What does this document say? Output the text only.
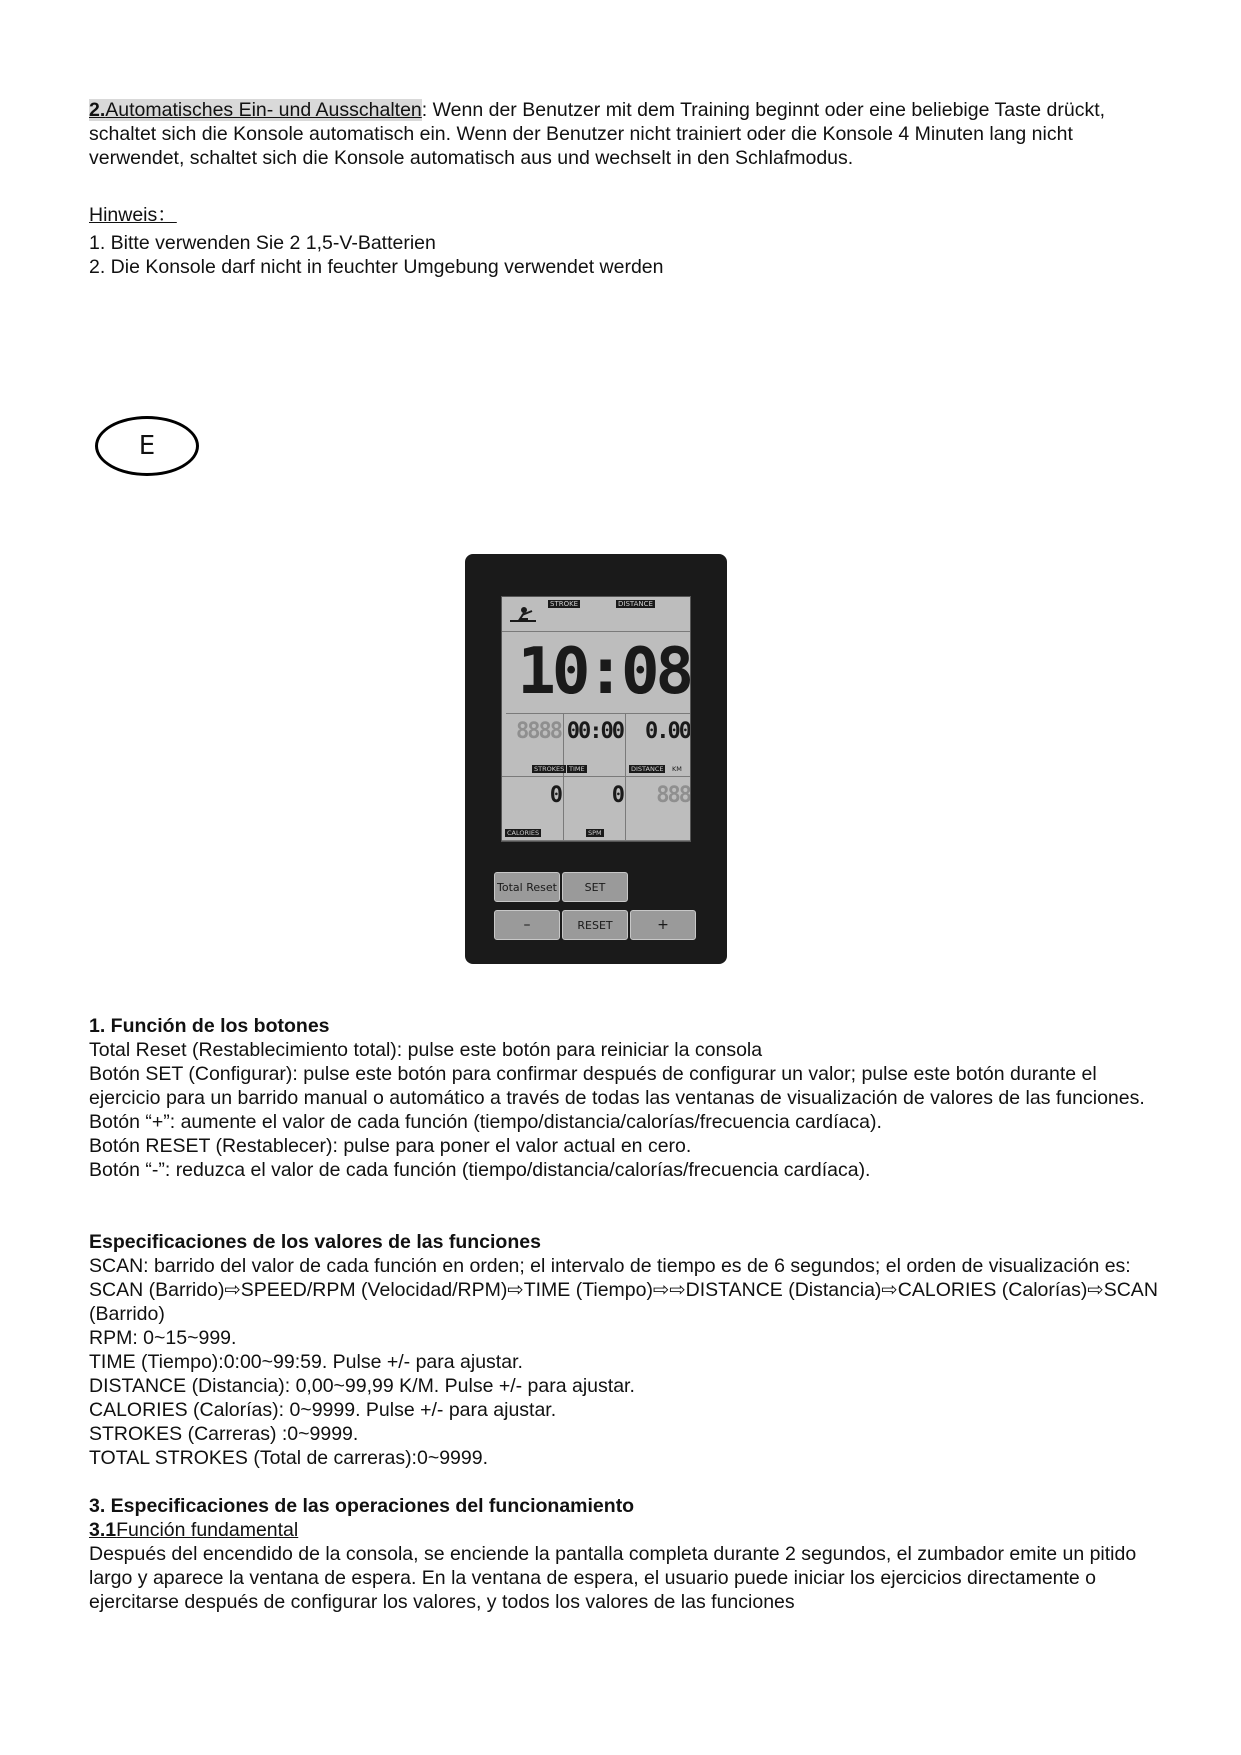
2.Automatisches Ein- und Ausschalten: Wenn der Benutzer mit dem Training beginnt oder eine beliebige Taste drückt, schaltet sich die Konsole automatisch ein. Wenn der Benutzer nicht trainiert oder die Konsole 4 Minuten lang nicht verwendet, schaltet sich die Konsole automatisch aus und wechselt in den Schlafmodus.

Hinweis：

1. Bitte verwenden Sie 2 1,5-V-Batterien

2. Die Konsole darf nicht in feuchter Umgebung verwendet werden

E
STROKE	DISTANCE
10:08
8888
STROKES
00:00
TIME
0.00
DISTANCE	KM
0
CALORIES
0
SPM
888
Total Reset	SET
–	RESET	+

1. Función de los botones

Total Reset (Restablecimiento total): pulse este botón para reiniciar la consola

Botón SET (Configurar): pulse este botón para confirmar después de configurar un valor; pulse este botón durante el ejercicio para un barrido manual o automático a través de todas las ventanas de visualización de valores de las funciones.

Botón “+”: aumente el valor de cada función (tiempo/distancia/calorías/frecuencia cardíaca).

Botón RESET (Restablecer): pulse para poner el valor actual en cero.

Botón “-”: reduzca el valor de cada función (tiempo/distancia/calorías/frecuencia cardíaca).

Especificaciones de los valores de las funciones

SCAN: barrido del valor de cada función en orden; el intervalo de tiempo es de 6 segundos; el orden de visualización es: SCAN (Barrido)⇨SPEED/RPM (Velocidad/RPM)⇨TIME (Tiempo)⇨⇨DISTANCE (Distancia)⇨CALORIES (Calorías)⇨SCAN (Barrido)

RPM: 0~15~999.

TIME (Tiempo):0:00~99:59. Pulse +/- para ajustar.

DISTANCE (Distancia): 0,00~99,99 K/M. Pulse +/- para ajustar.

CALORIES (Calorías): 0~9999. Pulse +/- para ajustar.

STROKES (Carreras) :0~9999.

TOTAL STROKES (Total de carreras):0~9999.

3. Especificaciones de las operaciones del funcionamiento

3.1Función fundamental

Después del encendido de la consola, se enciende la pantalla completa durante 2 segundos, el zumbador emite un pitido largo y aparece la ventana de espera. En la ventana de espera, el usuario puede iniciar los ejercicios directamente o ejercitarse después de configurar los valores, y todos los valores de las funciones
